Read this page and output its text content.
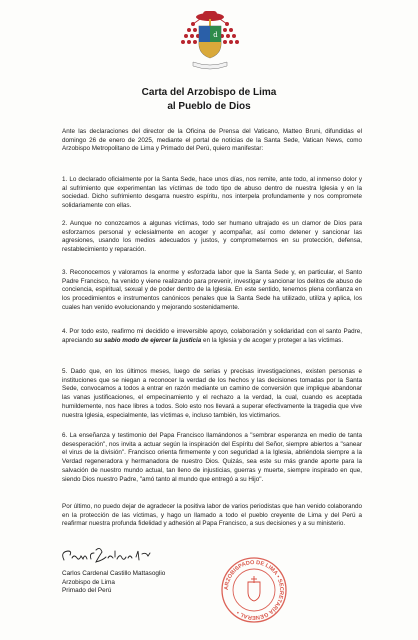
d
Carta del Arzobispo de Lima
al Pueblo de Dios

Ante las declaraciones del director de la Oficina de Prensa del Vaticano, Matteo Bruni, difundidas el domingo 26 de enero de 2025, mediante el portal de noticias de la Santa Sede, Vatican News, como Arzobispo Metropolitano de Lima y Primado del Perú, quiero manifestar:

1. Lo declarado oficialmente por la Santa Sede, hace unos días, nos remite, ante todo, al inmenso dolor y al sufrimiento que experimentan las víctimas de todo tipo de abuso dentro de nuestra Iglesia y en la sociedad. Dicho sufrimiento desgarra nuestro espíritu, nos interpela profundamente y nos compromete solidariamente con ellas.

2. Aunque no conozcamos a algunas víctimas, todo ser humano ultrajado es un clamor de Dios para esforzarnos personal y eclesialmente en acoger y acompañar, así como detener y sancionar las agresiones, usando los medios adecuados y justos, y comprometernos en su protección, defensa, restablecimiento y reparación.

3. Reconocemos y valoramos la enorme y esforzada labor que la Santa Sede y, en particular, el Santo Padre Francisco, ha venido y viene realizando para prevenir, investigar y sancionar los delitos de abuso de conciencia, espiritual, sexual y de poder dentro de la Iglesia. En este sentido, tenemos plena confianza en los procedimientos e instrumentos canónicos penales que la Santa Sede ha utilizado, utiliza y aplica, los cuales han venido evolucionando y mejorando sostenidamente.

4. Por todo esto, reafirmo mi decidido e irreversible apoyo, colaboración y solidaridad con el santo Padre, apreciando su sabio modo de ejercer la justicia en la Iglesia y de acoger y proteger a las víctimas.

5. Dado que, en los últimos meses, luego de serias y precisas investigaciones, existen personas e instituciones que se niegan a reconocer la verdad de los hechos y las decisiones tomadas por la Santa Sede, convocamos a todos a entrar en razón mediante un camino de conversión que implique abandonar las vanas justificaciones, el empecinamiento y el rechazo a la verdad, la cual, cuando es aceptada humildemente, nos hace libres a todos. Solo esto nos llevará a superar efectivamente la tragedia que vive nuestra Iglesia, especialmente, las víctimas e, incluso también, los victimarios.

6. La enseñanza y testimonio del Papa Francisco llamándonos a "sembrar esperanza en medio de tanta desesperación", nos invita a actuar según la inspiración del Espíritu del Señor, siempre abiertos a "sanear el virus de la división". Francisco orienta firmemente y con seguridad a la Iglesia, abriéndola siempre a la Verdad regeneradora y hermanadora de nuestro Dios. Quizás, sea este su más grande aporte para la salvación de nuestro mundo actual, tan lleno de injusticias, guerras y muerte, siempre inspirado en que, siendo Dios nuestro Padre, "amó tanto al mundo que entregó a su Hijo".

Por último, no puedo dejar de agradecer la positiva labor de varios periodistas que han venido colaborando en la protección de las víctimas, y hago un llamado a todo el pueblo creyente de Lima y del Perú a reafirmar nuestra profunda fidelidad y adhesión al Papa Francisco, a sus decisiones y a su ministerio.

Carlos Cardenal Castillo Mattasoglio
Arzobispo de Lima
Primado del Perú	ARZOBISPADO DE LIMA • SECRETARÍA GENERAL •
